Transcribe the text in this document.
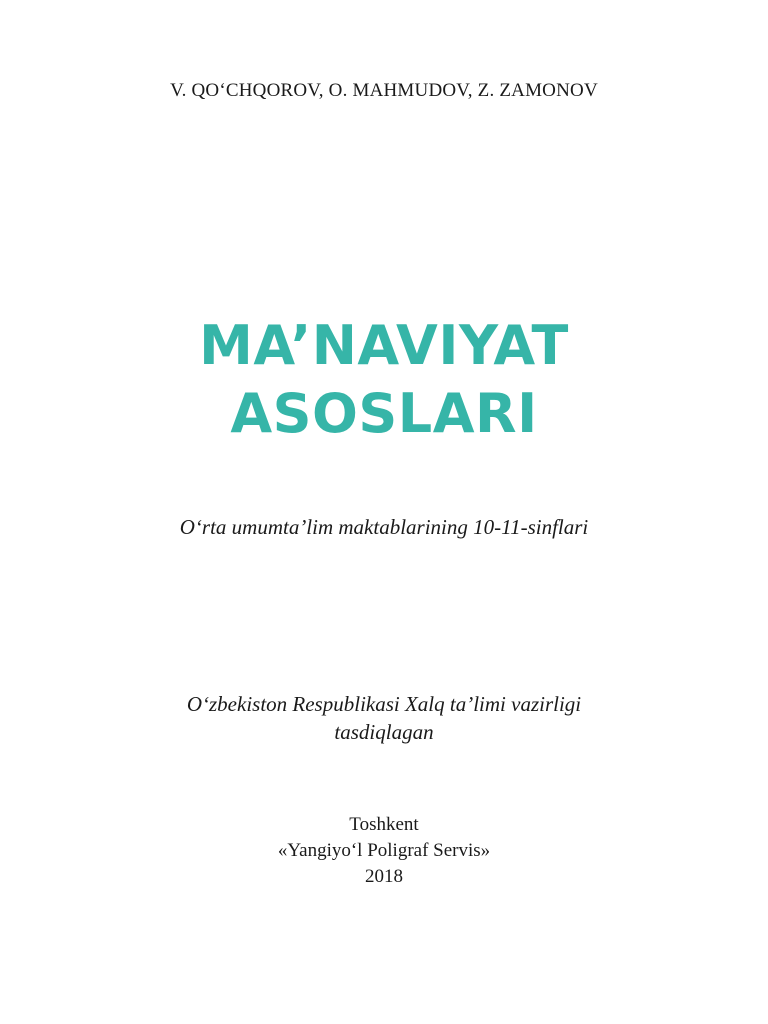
V. QO‘CHQOROV, O. MAHMUDOV, Z. ZAMONOV
MA’NAVIYAT
ASOSLARI
O‘rta umumta’lim maktablarining 10-11-sinflari
O‘zbekiston Respublikasi Xalq ta’limi vazirligi
tasdiqlagan
Toshkent
«Yangiyo‘l Poligraf Servis»
2018
